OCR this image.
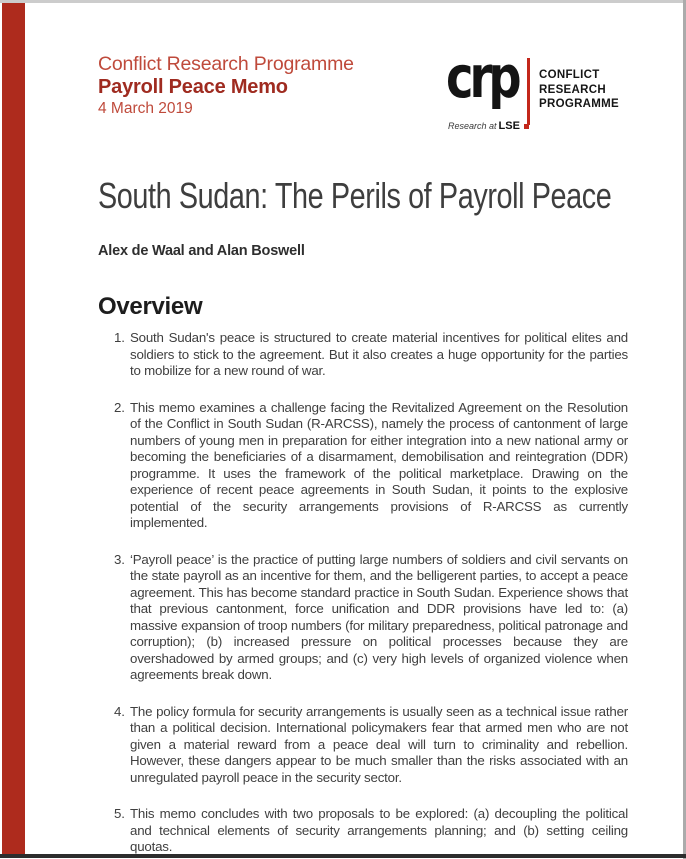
Conflict Research Programme
Payroll Peace Memo
4 March 2019	crp CONFLICT
RESEARCH
PROGRAMME
Research at LSE
South Sudan: The Perils of Payroll Peace
Alex de Waal and Alan Boswell
Overview
1. South Sudan's peace is structured to create material incentives for political elites and soldiers to stick to the agreement. But it also creates a huge opportunity for the parties to mobilize for a new round of war.
2. This memo examines a challenge facing the Revitalized Agreement on the Resolution of the Conflict in South Sudan (R-ARCSS), namely the process of cantonment of large numbers of young men in preparation for either integration into a new national army or becoming the beneficiaries of a disarmament, demobilisation and reintegration (DDR) programme. It uses the framework of the political marketplace. Drawing on the experience of recent peace agreements in South Sudan, it points to the explosive potential of the security arrangements provisions of R-ARCSS as currently implemented.
3. ‘Payroll peace’ is the practice of putting large numbers of soldiers and civil servants on the state payroll as an incentive for them, and the belligerent parties, to accept a peace agreement. This has become standard practice in South Sudan. Experience shows that that previous cantonment, force unification and DDR provisions have led to: (a) massive expansion of troop numbers (for military preparedness, political patronage and corruption); (b) increased pressure on political processes because they are overshadowed by armed groups; and (c) very high levels of organized violence when agreements break down.
4. The policy formula for security arrangements is usually seen as a technical issue rather than a political decision. International policymakers fear that armed men who are not given a material reward from a peace deal will turn to criminality and rebellion. However, these dangers appear to be much smaller than the risks associated with an unregulated payroll peace in the security sector.
5. This memo concludes with two proposals to be explored: (a) decoupling the political and technical elements of security arrangements planning; and (b) setting ceiling quotas.
